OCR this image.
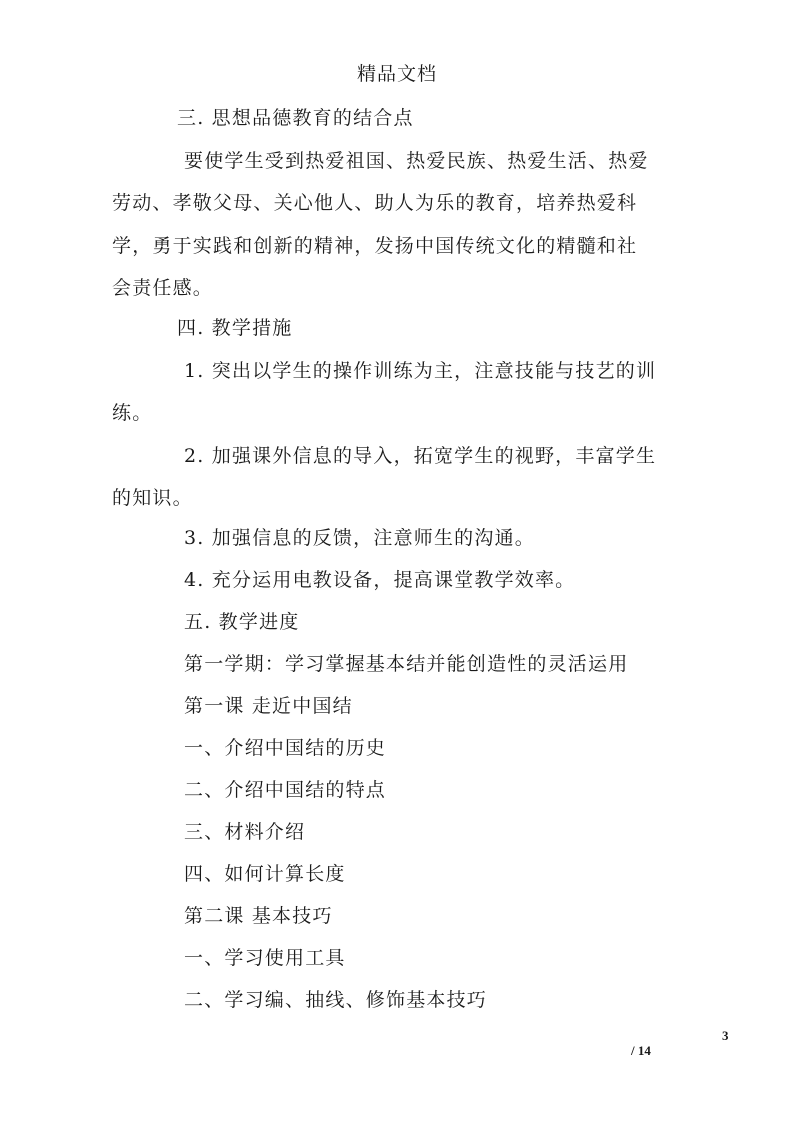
精品文档
三. 思想品德教育的结合点
要使学生受到热爱祖国、热爱民族、热爱生活、热爱
劳动、孝敬父母、关心他人、助人为乐的教育，培养热爱科
学，勇于实践和创新的精神，发扬中国传统文化的精髓和社
会责任感。
四. 教学措施
1. 突出以学生的操作训练为主，注意技能与技艺的训
练。
2. 加强课外信息的导入，拓宽学生的视野，丰富学生
的知识。
3. 加强信息的反馈，注意师生的沟通。
4. 充分运用电教设备，提高课堂教学效率。
五. 教学进度
第一学期：学习掌握基本结并能创造性的灵活运用
第一课 走近中国结
一、介绍中国结的历史
二、介绍中国结的特点
三、材料介绍
四、如何计算长度
第二课 基本技巧
一、学习使用工具
二、学习编、抽线、修饰基本技巧
3
/ 14
